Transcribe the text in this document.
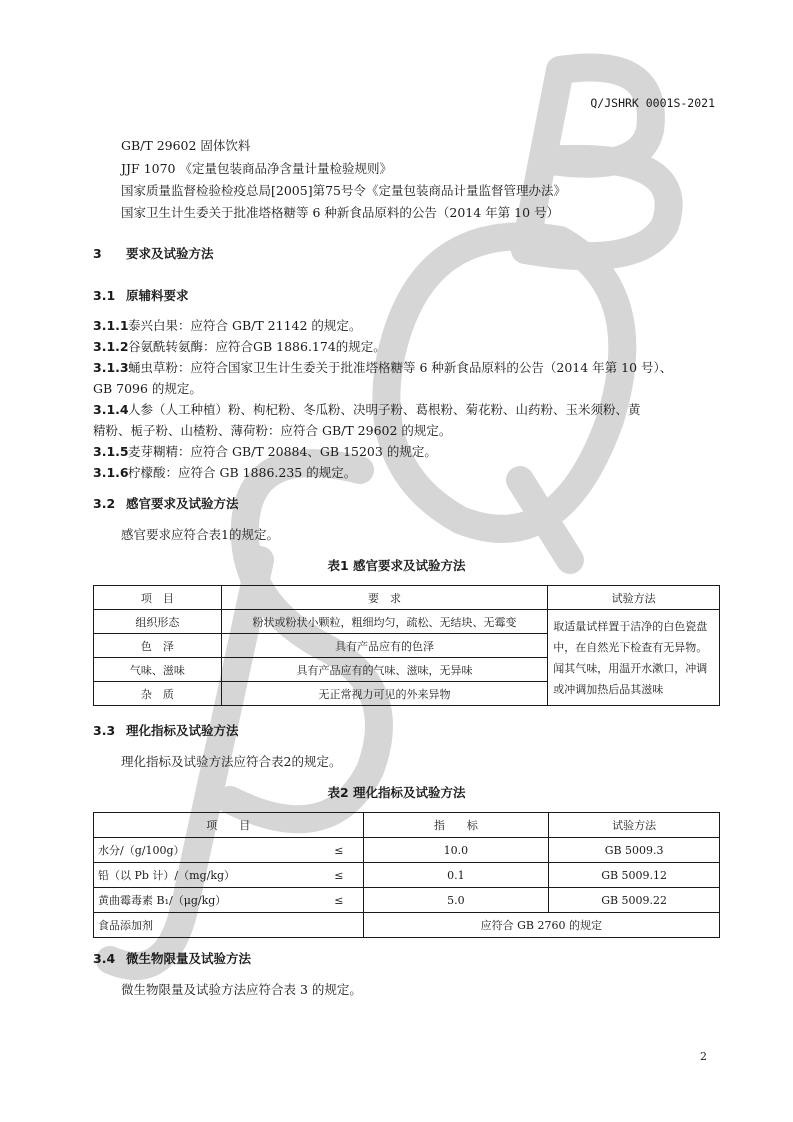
Q/JSHRK 0001S-2021
GB/T 29602 固体饮料
JJF 1070 《定量包装商品净含量计量检验规则》
国家质量监督检验检疫总局[2005]第75号令《定量包装商品计量监督管理办法》
国家卫生计生委关于批准塔格糖等 6 种新食品原料的公告（2014 年第 10 号）
3 要求及试验方法
3.1 原辅料要求
3.1.1泰兴白果：应符合 GB/T 21142 的规定。
3.1.2谷氨酰转氨酶：应符合GB 1886.174的规定。
3.1.3蛹虫草粉：应符合国家卫生计生委关于批准塔格糖等 6 种新食品原料的公告（2014 年第 10 号）、
GB 7096 的规定。
3.1.4人参（人工种植）粉、枸杞粉、冬瓜粉、决明子粉、葛根粉、菊花粉、山药粉、玉米须粉、黄
精粉、栀子粉、山楂粉、薄荷粉：应符合 GB/T 29602 的规定。
3.1.5麦芽糊精：应符合 GB/T 20884、GB 15203 的规定。
3.1.6柠檬酸：应符合 GB 1886.235 的规定。
3.2 感官要求及试验方法
感官要求应符合表1的规定。
表1 感官要求及试验方法
项　目	要　求	试验方法
组织形态	粉状或粉状小颗粒，粗细均匀，疏松、无结块、无霉变	取适量试样置于洁净的白色瓷盘中，在自然光下检查有无异物。闻其气味，用温开水漱口，冲调或冲调加热后品其滋味
色　泽	具有产品应有的色泽	
气味、滋味	具有产品应有的气味、滋味，无异味	
杂　质	无正常视力可见的外来异物	
3.3 理化指标及试验方法
理化指标及试验方法应符合表2的规定。
表2 理化指标及试验方法
项　　目		指　　标	试验方法
水分/（g/100g）	≤	10.0	GB 5009.3
铅（以 Pb 计）/（mg/kg）	≤	0.1	GB 5009.12
黄曲霉毒素 B₁/（μg/kg）	≤	5.0	GB 5009.22
食品添加剂		应符合 GB 2760 的规定	
3.4 微生物限量及试验方法
微生物限量及试验方法应符合表 3 的规定。
2
